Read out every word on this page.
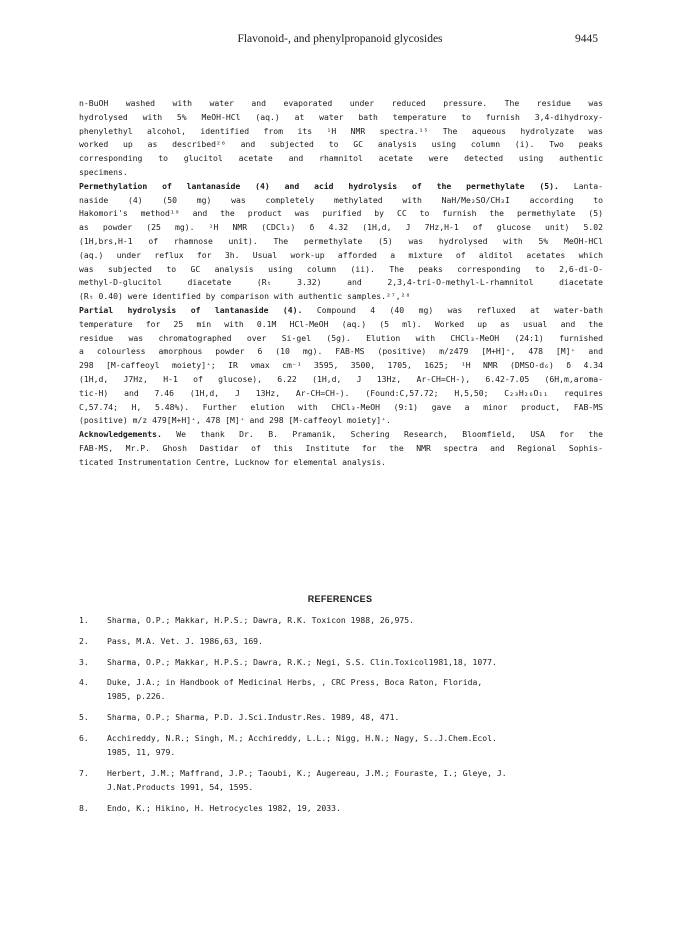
Flavonoid-, and phenylpropanoid glycosides	9445
n-BuOH washed with water and evaporated under reduced pressure. The residue was
hydrolysed with 5% MeOH-HCl (aq.) at water bath temperature to furnish 3,4-dihydroxy-
phenylethyl alcohol, identified from its ¹H NMR spectra.¹⁵ The aqueous hydrolyzate was
worked up as described²⁶ and subjected to GC analysis using column (i). Two peaks
corresponding to glucitol acetate and rhamnitol acetate were detected using authentic
specimens.
Permethylation of lantanaside (4) and acid hydrolysis of the permethylate (5). Lanta-
naside (4) (50 mg) was completely methylated with NaH/Me₂SO/CH₃I according to
Hakomori's method¹⁹ and the product was purified by CC to furnish the permethylate (5)
as powder (25 mg). ¹H NMR (CDCl₃) δ 4.32 (1H,d, J 7Hz,H-1 of glucose unit) 5.02
(1H,brs,H-1 of rhamnose unit). The permethylate (5) was hydrolysed with 5% MeOH-HCl
(aq.) under reflux for 3h. Usual work-up afforded a mixture of alditol acetates which
was subjected to GC analysis using column (ii). The peaks corresponding to 2,6-di-O-
methyl-D-glucitol diacetate (Rₜ 3.32) and 2,3,4-tri-O-methyl-L-rhamnitol diacetate
(Rₜ 0.40) were identified by comparison with authentic samples.²⁷,²⁸
Partial hydrolysis of lantanaside (4). Compound 4 (40 mg) was refluxed at water-bath
temperature for 25 min with 0.1M HCl-MeOH (aq.) (5 ml). Worked up as usual and the
residue was chromatographed over Si-gel (5g). Elution with CHCl₃-MeOH (24:1) furnished
a colourless amorphous powder 6 (10 mg). FAB-MS (positive) m/z479 [M+H]⁺, 478 [M]⁺ and
298 [M-caffeoyl moiety]⁺; IR νmax cm⁻¹ 3595, 3500, 1705, 1625; ¹H NMR (DMSO-d₆) δ 4.34
(1H,d, J7Hz, H-1 of glucose), 6.22 (1H,d, J 13Hz, Ar-CH=CH-), 6.42-7.05 (6H,m,aroma-
tic-H) and 7.46 (1H,d, J 13Hz, Ar-CH=CH-). (Found:C,57.72; H,5,50; C₂₃H₂₆O₁₁ requires
C,57.74; H, 5.48%). Further elution with CHCl₃-MeOH (9:1) gave a minor product, FAB-MS
(positive) m/z 479[M+H]⁺, 478 [M]⁺ and 298 [M-caffeoyl moiety]⁺.
Acknowledgements. We thank Dr. B. Pramanik, Schering Research, Bloomfield, USA for the
FAB-MS, Mr.P. Ghosh Dastidar of this Institute for the NMR spectra and Regional Sophis-
ticated Instrumentation Centre, Lucknow for elemental analysis.
REFERENCES
1. Sharma, O.P.; Makkar, H.P.S.; Dawra, R.K. Toxicon 1988, 26,975.
2. Pass, M.A. Vet. J. 1986,63, 169.
3. Sharma, O.P.; Makkar, H.P.S.; Dawra, R.K.; Negi, S.S. Clin.Toxicol1981,18, 1077.
4. Duke, J.A.; in Handbook of Medicinal Herbs, , CRC Press, Boca Raton, Florida,
1985, p.226.
5. Sharma, O.P.; Sharma, P.D. J.Sci.Industr.Res. 1989, 48, 471.
6. Acchireddy, N.R.; Singh, M.; Acchireddy, L.L.; Nigg, H.N.; Nagy, S..J.Chem.Ecol.
1985, 11, 979.
7. Herbert, J.M.; Maffrand, J.P.; Taoubi, K.; Augereau, J.M.; Fouraste, I.; Gleye, J.
J.Nat.Products 1991, 54, 1595.
8. Endo, K.; Hikino, H. Hetrocycles 1982, 19, 2033.
